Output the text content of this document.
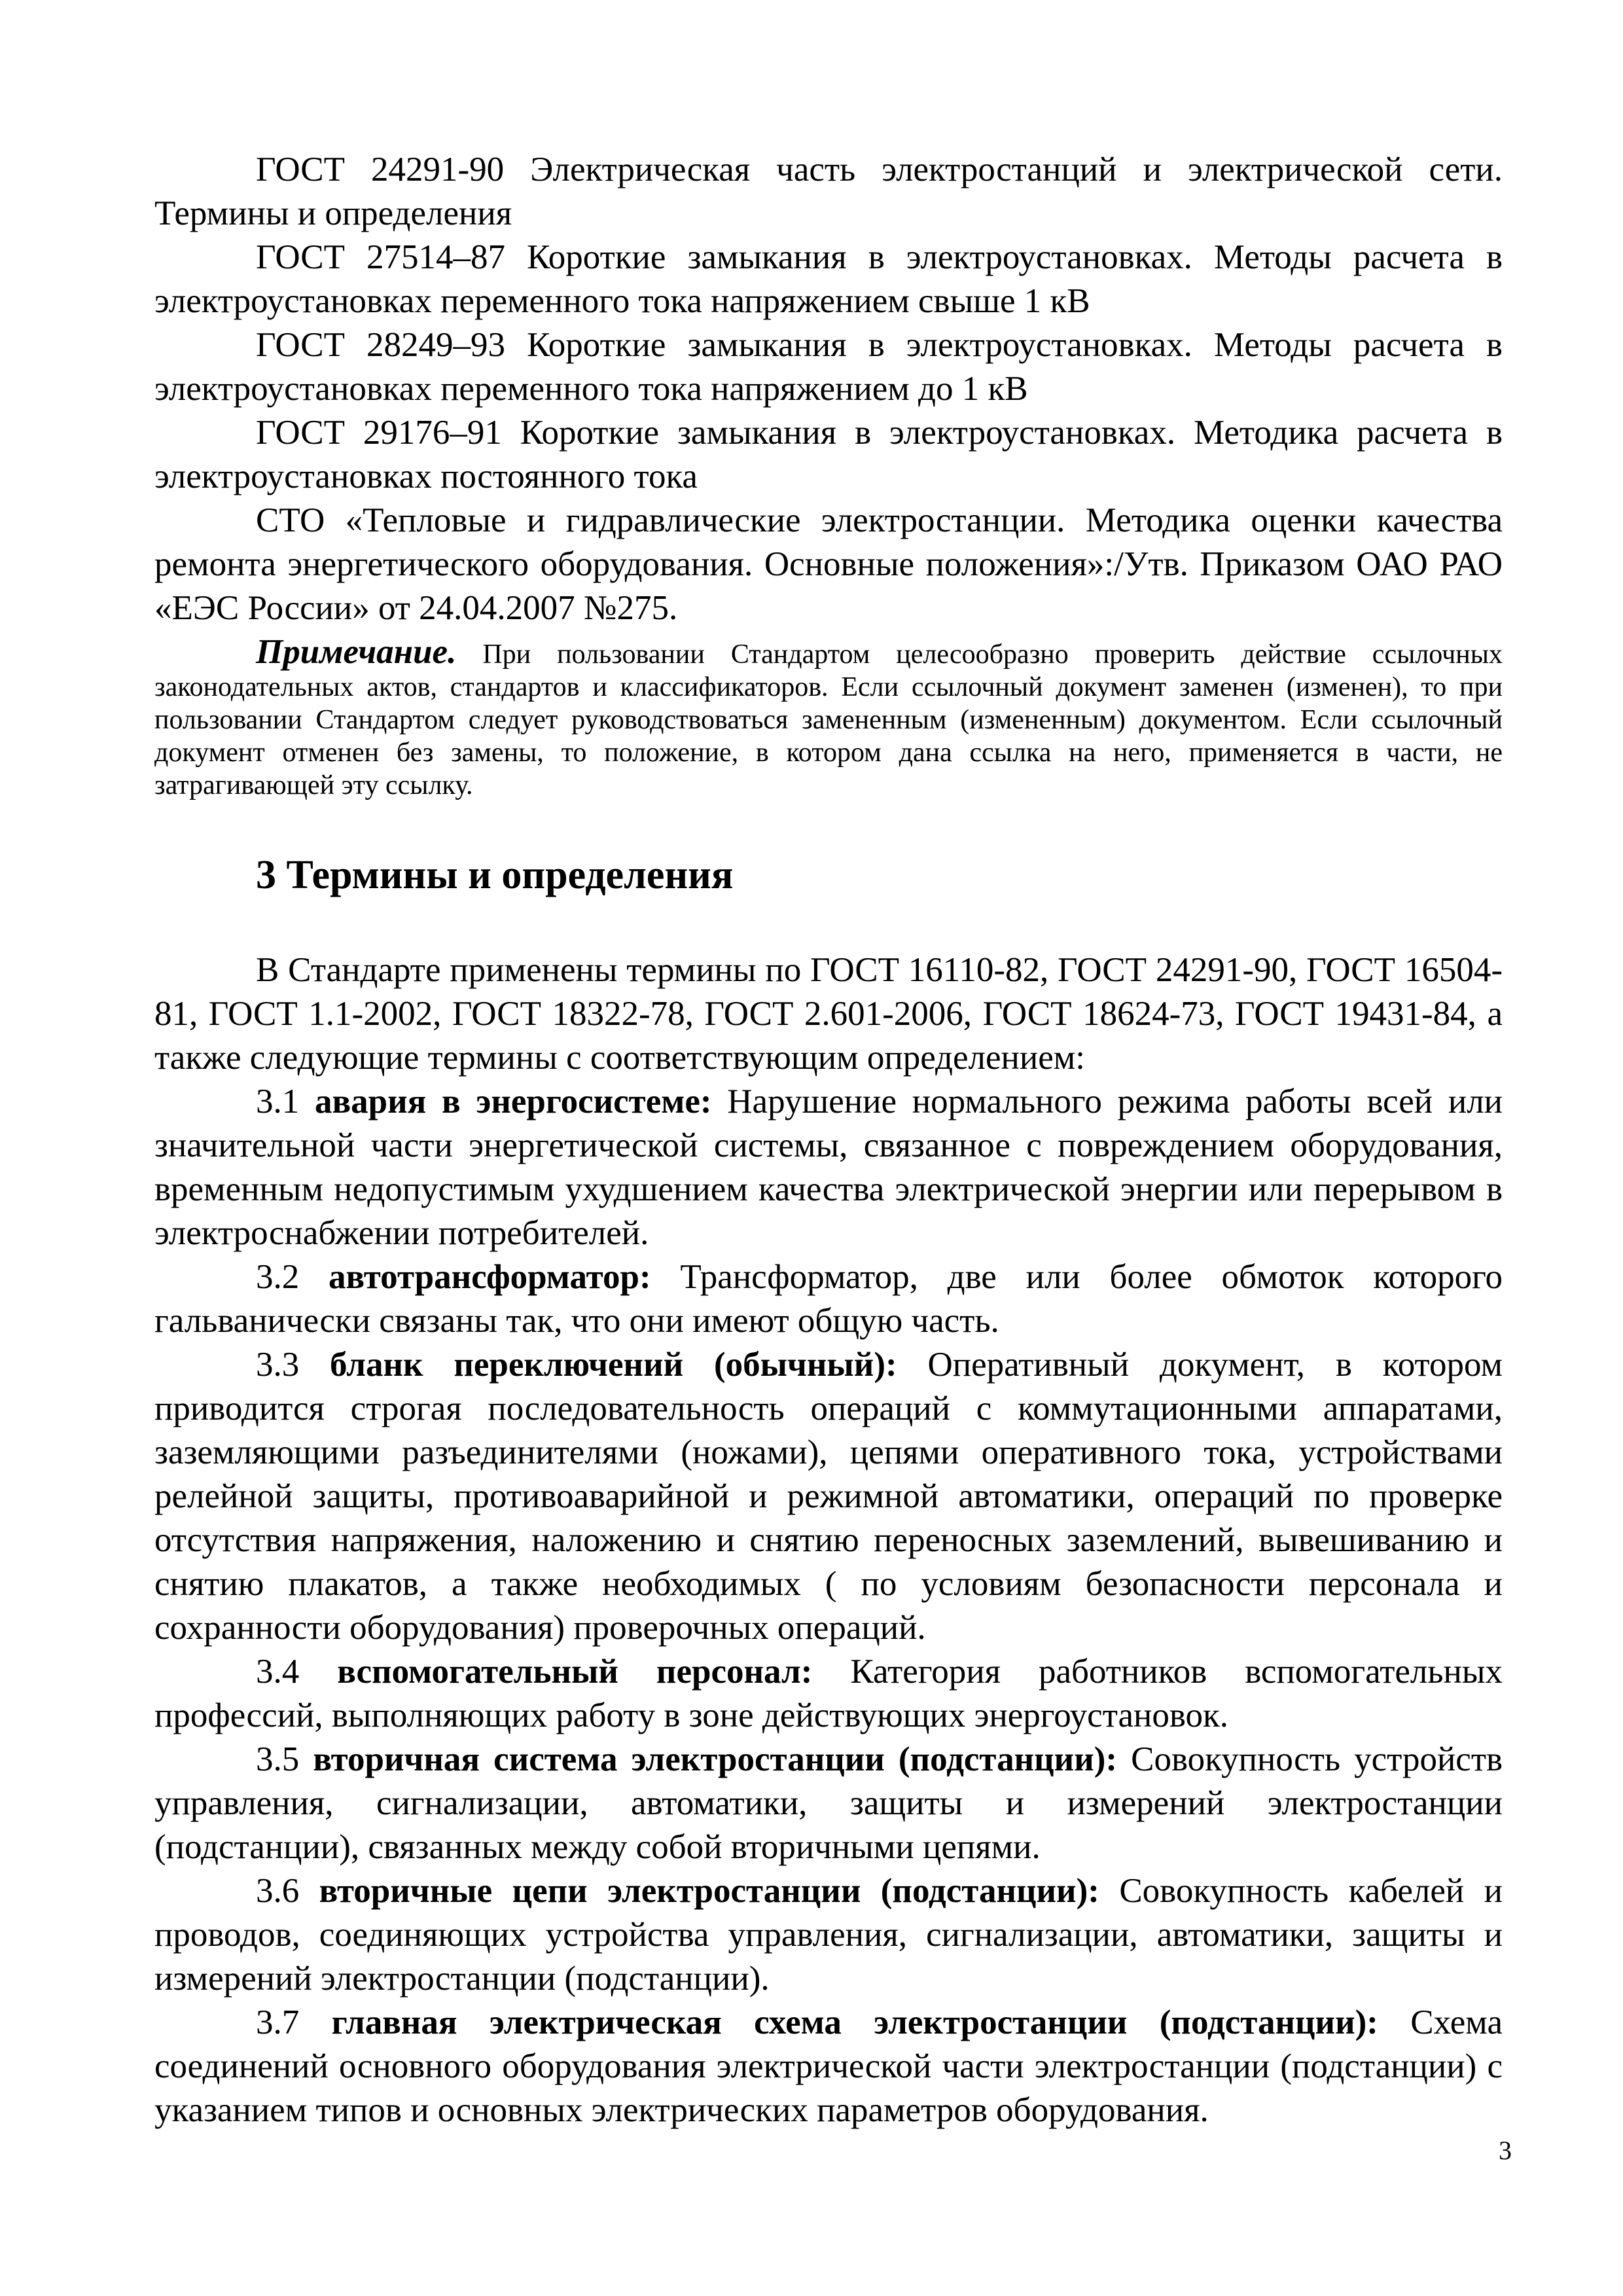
ГОСТ 24291-90 Электрическая часть электростанций и электрической сети. Термины и определения

ГОСТ 27514–87 Короткие замыкания в электроустановках. Методы расчета в электроустановках переменного тока напряжением свыше 1 кВ

ГОСТ 28249–93 Короткие замыкания в электроустановках. Методы расчета в электроустановках переменного тока напряжением до 1 кВ

ГОСТ 29176–91 Короткие замыкания в электроустановках. Методика расчета в электроустановках постоянного тока

СТО «Тепловые и гидравлические электростанции. Методика оценки качества ремонта энергетического оборудования. Основные положения»:/Утв. Приказом ОАО РАО «ЕЭС России» от 24.04.2007 №275.

Примечание. При пользовании Стандартом целесообразно проверить действие ссылочных законодательных актов, стандартов и классификаторов. Если ссылочный документ заменен (изменен), то при пользовании Стандартом следует руководствоваться замененным (измененным) документом. Если ссылочный документ отменен без замены, то положение, в котором дана ссылка на него, применяется в части, не затрагивающей эту ссылку.

3 Термины и определения

В Стандарте применены термины по ГОСТ 16110-82, ГОСТ 24291-90, ГОСТ 16504-81, ГОСТ 1.1-2002, ГОСТ 18322-78, ГОСТ 2.601-2006, ГОСТ 18624-73, ГОСТ 19431-84, а также следующие термины с соответствующим определением:

3.1 авария в энергосистеме: Нарушение нормального режима работы всей или значительной части энергетической системы, связанное с повреждением оборудования, временным недопустимым ухудшением качества электрической энергии или перерывом в электроснабжении потребителей.

3.2 автотрансформатор: Трансформатор, две или более обмоток которого гальванически связаны так, что они имеют общую часть.

3.3 бланк переключений (обычный): Оперативный документ, в котором приводится строгая последовательность операций с коммутационными аппаратами, заземляющими разъединителями (ножами), цепями оперативного тока, устройствами релейной защиты, противоаварийной и режимной автоматики, операций по проверке отсутствия напряжения, наложению и снятию переносных заземлений, вывешиванию и снятию плакатов, а также необходимых ( по условиям безопасности персонала и сохранности оборудования) проверочных операций.

3.4 вспомогательный персонал: Категория работников вспомогательных профессий, выполняющих работу в зоне действующих энергоустановок.

3.5 вторичная система электростанции (подстанции): Совокупность устройств управления, сигнализации, автоматики, защиты и измерений электростанции (подстанции), связанных между собой вторичными цепями.

3.6 вторичные цепи электростанции (подстанции): Совокупность кабелей и проводов, соединяющих устройства управления, сигнализации, автоматики, защиты и измерений электростанции (подстанции).

3.7 главная электрическая схема электростанции (подстанции): Схема соединений основного оборудования электрической части электростанции (подстанции) с указанием типов и основных электрических параметров оборудования.

3
